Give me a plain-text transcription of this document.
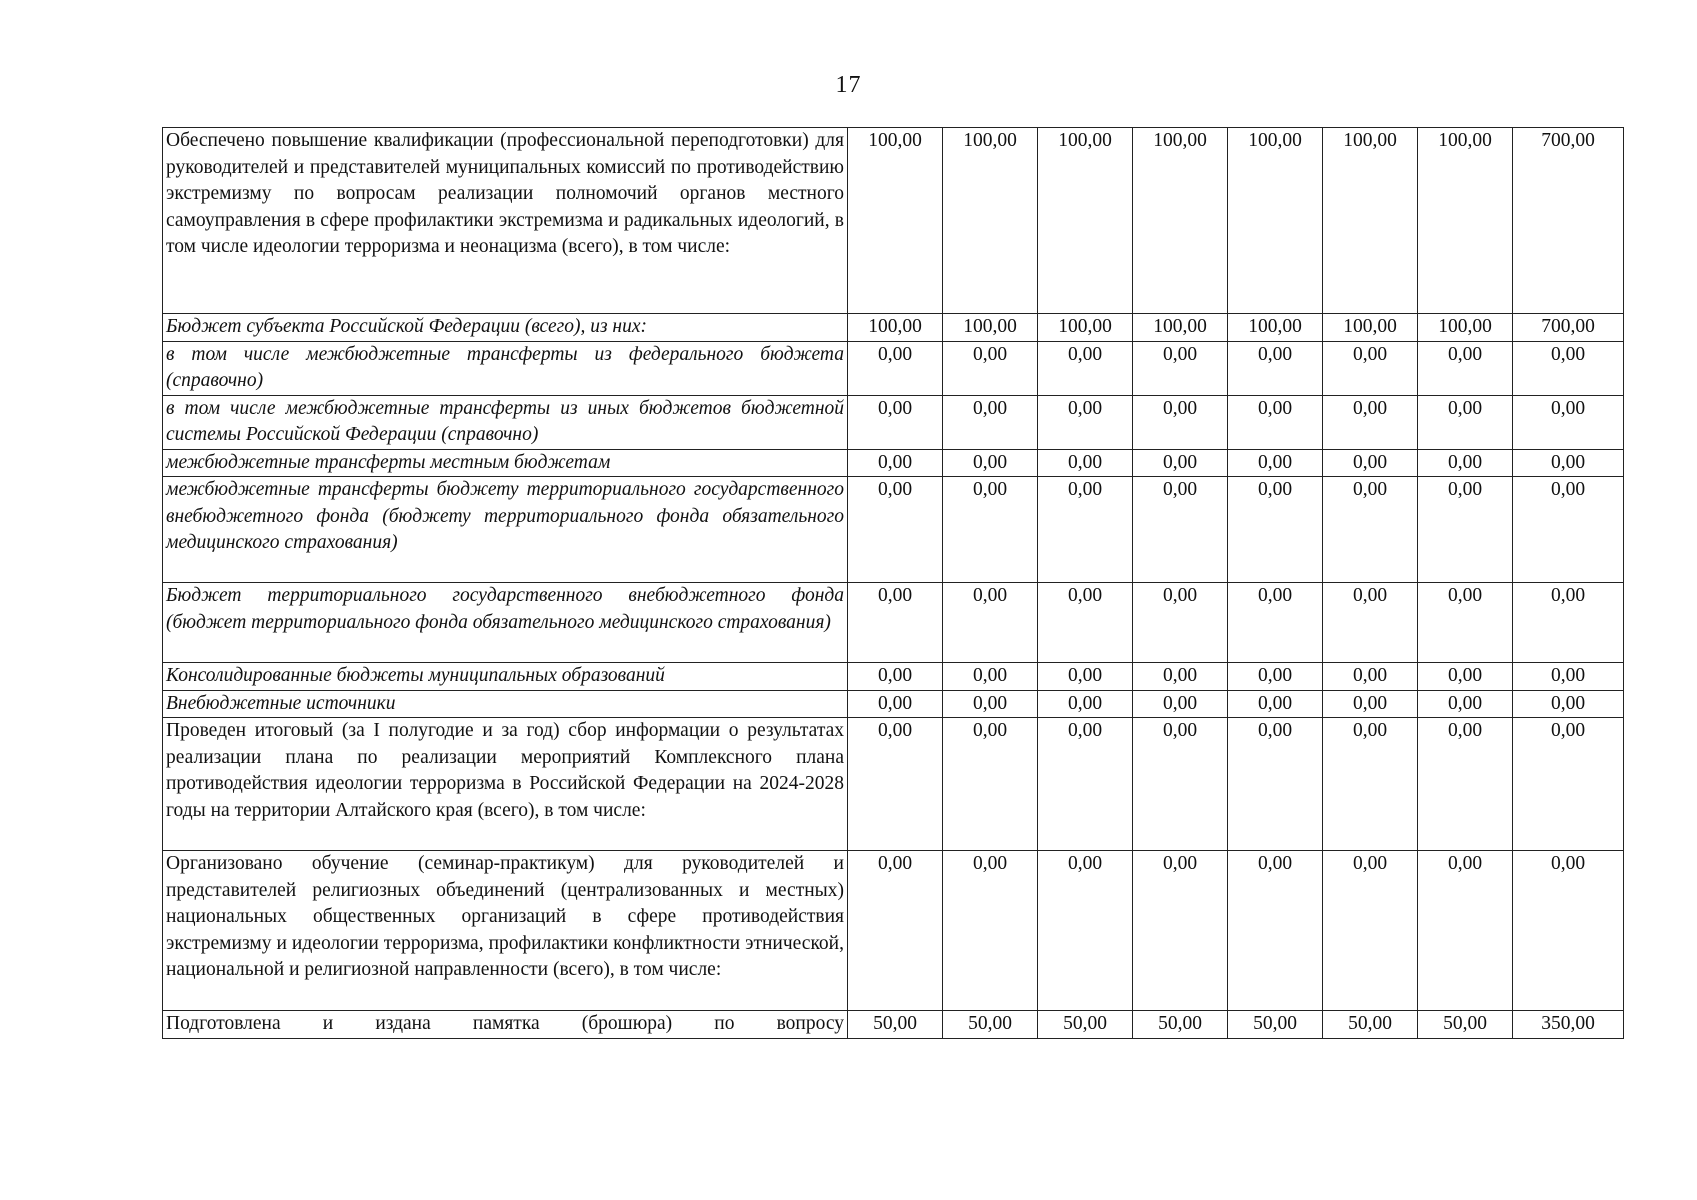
17
Обеспечено повышение квалификации (профессиональной переподготовки) для руководителей и представителей муниципальных комиссий по противодействию экстремизму по вопросам реализации полномочий органов местного самоуправления в сфере профилактики экстремизма и радикальных идеологий, в том числе идеологии терроризма и неонацизма (всего), в том числе:	100,00	100,00	100,00	100,00	100,00	100,00	100,00	700,00
Бюджет субъекта Российской Федерации (всего), из них:	100,00	100,00	100,00	100,00	100,00	100,00	100,00	700,00
в том числе межбюджетные трансферты из федерального бюджета (справочно)	0,00	0,00	0,00	0,00	0,00	0,00	0,00	0,00
в том числе межбюджетные трансферты из иных бюджетов бюджетной системы Российской Федерации (справочно)	0,00	0,00	0,00	0,00	0,00	0,00	0,00	0,00
межбюджетные трансферты местным бюджетам	0,00	0,00	0,00	0,00	0,00	0,00	0,00	0,00
межбюджетные трансферты бюджету территориального государственного внебюджетного фонда (бюджету территориального фонда обязательного медицинского страхования)	0,00	0,00	0,00	0,00	0,00	0,00	0,00	0,00
Бюджет территориального государственного внебюджетного фонда (бюджет территориального фонда обязательного медицинского страхования)	0,00	0,00	0,00	0,00	0,00	0,00	0,00	0,00
Консолидированные бюджеты муниципальных образований	0,00	0,00	0,00	0,00	0,00	0,00	0,00	0,00
Внебюджетные источники	0,00	0,00	0,00	0,00	0,00	0,00	0,00	0,00
Проведен итоговый (за I полугодие и за год) сбор информации о результатах реализации плана по реализации мероприятий Комплексного плана противодействия идеологии терроризма в Российской Федерации на 2024-2028 годы на территории Алтайского края (всего), в том числе:	0,00	0,00	0,00	0,00	0,00	0,00	0,00	0,00
Организовано обучение (семинар-практикум) для руководителей и представителей религиозных объединений (централизованных и местных) национальных общественных организаций в сфере противодействия экстремизму и идеологии терроризма, профилактики конфликтности этнической, национальной и религиозной направленности (всего), в том числе:	0,00	0,00	0,00	0,00	0,00	0,00	0,00	0,00
Подготовлена и издана памятка (брошюра) по вопросу	50,00	50,00	50,00	50,00	50,00	50,00	50,00	350,00
